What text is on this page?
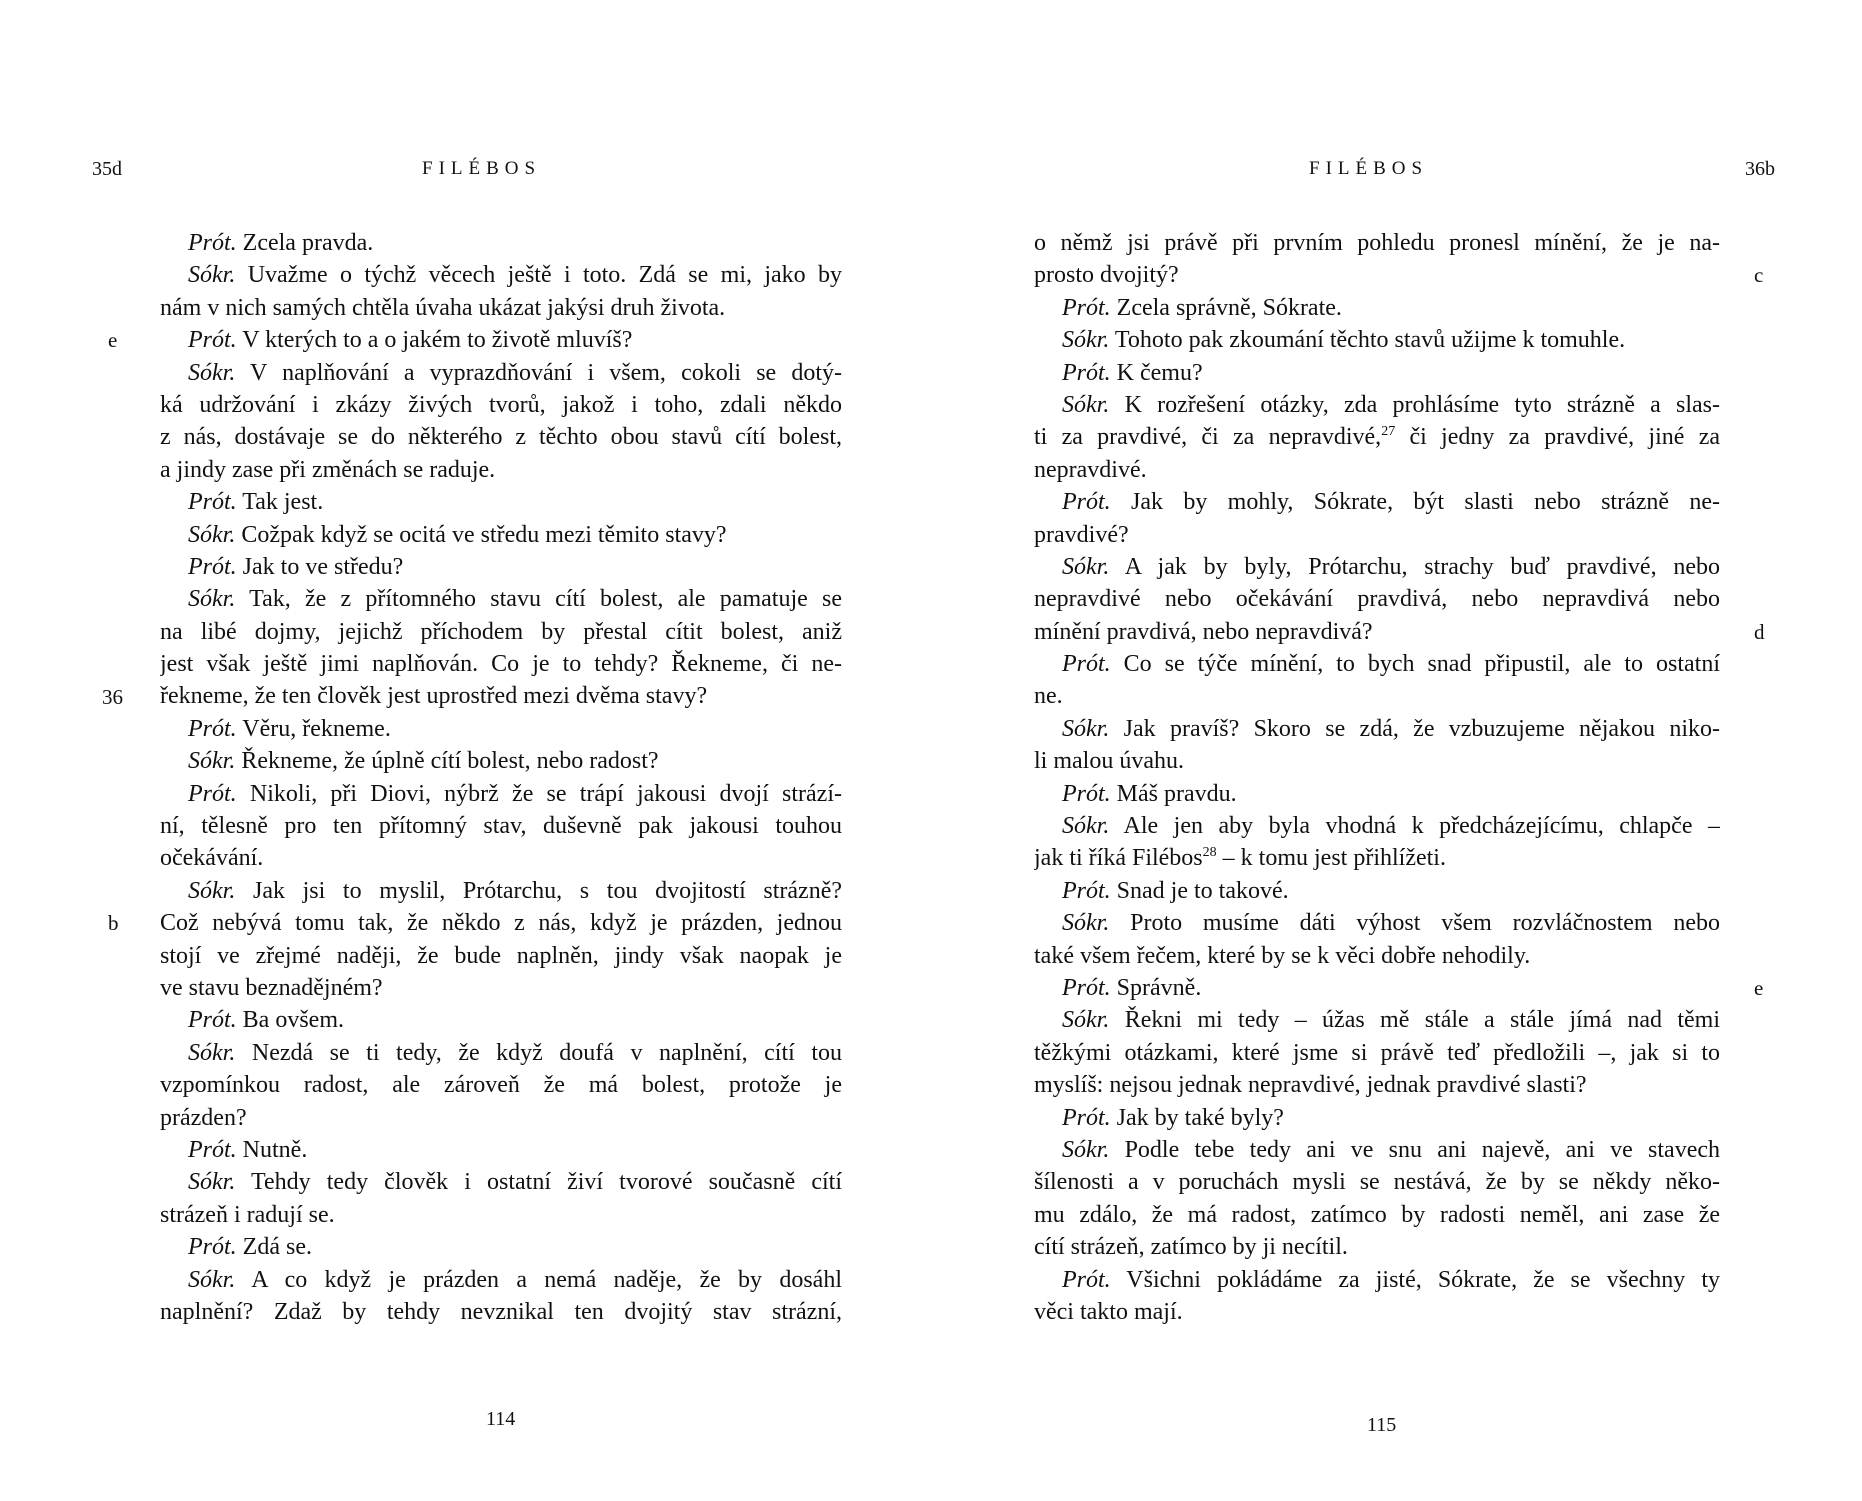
35d	FILÉBOS
Prót. Zcela pravda.
Sókr. Uvažme o týchž věcech ještě i toto. Zdá se mi, jako by
nám v nich samých chtěla úvaha ukázat jakýsi druh života.
Prót. V kterých to a o jakém to životě mluvíš?
Sókr. V naplňování a vyprazdňování i všem, cokoli se dotý-
ká udržování i zkázy živých tvorů, jakož i toho, zdali někdo
z nás, dostávaje se do některého z těchto obou stavů cítí bolest,
a jindy zase při změnách se raduje.
Prót. Tak jest.
Sókr. Cožpak když se ocitá ve středu mezi těmito stavy?
Prót. Jak to ve středu?
Sókr. Tak, že z přítomného stavu cítí bolest, ale pamatuje se
na libé dojmy, jejichž příchodem by přestal cítit bolest, aniž
jest však ještě jimi naplňován. Co je to tehdy? Řekneme, či ne-
řekneme, že ten člověk jest uprostřed mezi dvěma stavy?
Prót. Věru, řekneme.
Sókr. Řekneme, že úplně cítí bolest, nebo radost?
Prót. Nikoli, při Diovi, nýbrž že se trápí jakousi dvojí strází-
ní, tělesně pro ten přítomný stav, duševně pak jakousi touhou
očekávání.
Sókr. Jak jsi to myslil, Prótarchu, s tou dvojitostí strázně?
Což nebývá tomu tak, že někdo z nás, když je prázden, jednou
stojí ve zřejmé naději, že bude naplněn, jindy však naopak je
ve stavu beznadějném?
Prót. Ba ovšem.
Sókr. Nezdá se ti tedy, že když doufá v naplnění, cítí tou
vzpomínkou radost, ale zároveň že má bolest, protože je
prázden?
Prót. Nutně.
Sókr. Tehdy tedy člověk i ostatní živí tvorové současně cítí
strázeň i radují se.
Prót. Zdá se.
Sókr. A co když je prázden a nemá naděje, že by dosáhl
naplnění? Zdaž by tehdy nevznikal ten dvojitý stav strázní,
e
36
b
114
FILÉBOS	36b
o němž jsi právě při prvním pohledu pronesl mínění, že je na-
prosto dvojitý?
Prót. Zcela správně, Sókrate.
Sókr. Tohoto pak zkoumání těchto stavů užijme k tomuhle.
Prót. K čemu?
Sókr. K rozřešení otázky, zda prohlásíme tyto strázně a slas-
ti za pravdivé, či za nepravdivé,$^{27}$ či jedny za pravdivé, jiné za
nepravdivé.
Prót. Jak by mohly, Sókrate, být slasti nebo strázně ne-
pravdivé?
Sókr. A jak by byly, Prótarchu, strachy buď pravdivé, nebo
nepravdivé nebo očekávání pravdivá, nebo nepravdivá nebo
mínění pravdivá, nebo nepravdivá?
Prót. Co se týče mínění, to bych snad připustil, ale to ostatní
ne.
Sókr. Jak pravíš? Skoro se zdá, že vzbuzujeme nějakou niko-
li malou úvahu.
Prót. Máš pravdu.
Sókr. Ale jen aby byla vhodná k předcházejícímu, chlapče –
jak ti říká Filébos$^{28}$ – k tomu jest přihlížeti.
Prót. Snad je to takové.
Sókr. Proto musíme dáti výhost všem rozvláčnostem nebo
také všem řečem, které by se k věci dobře nehodily.
Prót. Správně.
Sókr. Řekni mi tedy – úžas mě stále a stále jímá nad těmi
těžkými otázkami, které jsme si právě teď předložili –, jak si to
myslíš: nejsou jednak nepravdivé, jednak pravdivé slasti?
Prót. Jak by také byly?
Sókr. Podle tebe tedy ani ve snu ani najevě, ani ve stavech
šílenosti a v poruchách mysli se nestává, že by se někdy něko-
mu zdálo, že má radost, zatímco by radosti neměl, ani zase že
cítí strázeň, zatímco by ji necítil.
Prót. Všichni pokládáme za jisté, Sókrate, že se všechny ty
věci takto mají.
c
d
e
115
